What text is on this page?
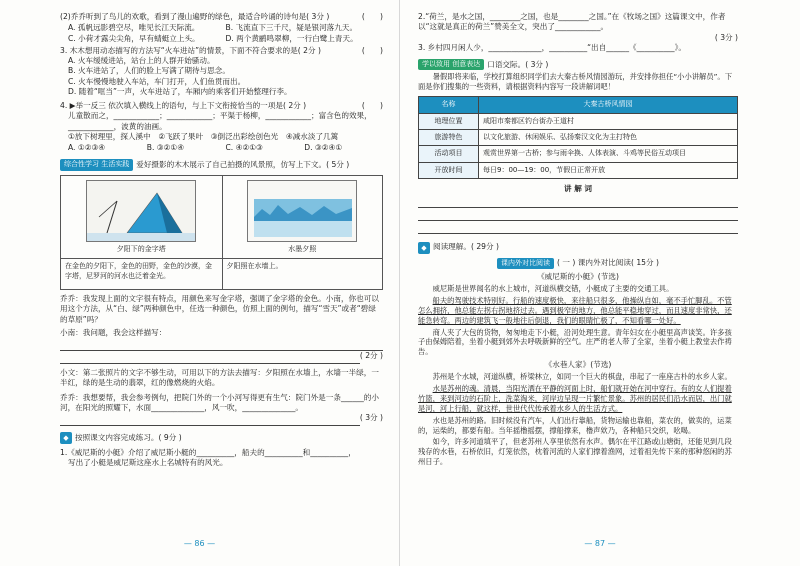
(2)乔乔听到了鸟儿的欢歌，看到了漫山遍野的绿色，最适合吟诵的诗句是( 3分 )	(　　)
A. 孤帆远影碧空尽，唯见长江天际流。	B. 飞流直下三千尺，疑是银河落九天。
C. 小荷才露尖尖角，早有蜻蜓立上头。	D. 两个黄鹂鸣翠柳，一行白鹭上青天。
3. 木木想用动态描写的方法写“火车进站”的情景，下面不符合要求的是( 2分 )	(　　)
A. 火车缓缓进站，站台上的人群开始骚动。
B. 火车进站了，人们的脸上写满了期待与思念。
C. 火车慢慢地驶入车站，车门打开，人们鱼贯而出。
D. 随着“哐当”一声，火车进站了，车厢内的乘客们开始整理行李。
4. ▶举一反三 依次填入横线上的语句，与上下文衔接恰当的一项是( 2分 )	(　　)
儿童散而之，____________；____________；平渠于杨柳，____________；富含色的效果，____________，波黄的油画。
①放下树理里，探人溪中　②飞跃了果叶　③倒泛出彩绘创色光　④减水淡了几篱
A. ①②③④	B. ③②①④	C. ④②①③	D. ③②④①
综合性学习 生活实践 爱好摄影的木木展示了自己拍摄的风景照，仿写上下文。( 5分 )
夕阳下的金字塔	水墨夕照
在金色的夕阳下，金色的田野，金色的沙漠，金字塔，尼罗河的河水也泛着金光。
夕阳照在水墙上。
乔乔：我发现上面的文字很有特点，用颜色来写金字塔，强调了金字塔的金色。小南，你也可以用这个方法，从“白、绿”两种颜色中，任选一种颜色，仿照上面的例句，描写“雪天”或者“碧绿的草原”吗？
小南：我问题，我会这样描写：
( 2分 )
小文：第二张照片的文字不够生动，可用以下的方法去描写：夕阳照在水墙上，水墙一半绿，一半红，绿的是生动的翡翠，红的像燃烧的火焰。
乔乔：我想要帮，我会参考例句，把院门外的一个小河写得更有生气：院门外是一条______的小河，在阳光的照耀下，水面______________，风一吹，______________。
( 3分 )
◆ 按照课文内容完成练习。( 9分 )
1.《威尼斯的小艇》介绍了威尼斯小艇的__________，船夫的__________和__________，
写出了小艇是威尼斯这座水上名城特有的风光。
— 86 —
2.“荷兰，是水之国，________之国，也是________之国。”在《牧场之国》这篇课文中，作者以“这就是真正的荷兰”赞美全文，突出了____________。
( 3分 )
3. 乡村四月闲人少，______________，__________“出自______《__________》。
学以致用 创意表达 口语交际。( 3分 )
暑假即将来临，学校打算组织同学们去大秦古桥风情园游玩，并安排你担任“小小讲解员”。下面是你们搜集的一些资料，请根据资料内容写一段讲解词吧！
名称	大秦古桥风情园
地理位置	咸阳市秦都区钓台街办王道村
旅游特色	以文化旅游、休闲娱乐、弘扬秦汉文化为主打特色
活动项目	观赏世界第一古桥；参与雨伞换、人体表演、斗鸡等民俗互动项目
开放时间	每日9：00—19：00，节假日正常开放
讲 解 词
◆ 阅读理解。( 29分 )
课内外对比阅读 ( 一 ) 课内外对比阅读( 15分 )
《威尼斯的小艇》(节选)
威尼斯是世界闻名的水上城市，河道纵横交错，小艇成了主要的交通工具。
船夫的驾驶技术特别好。行船的速度极快，来往船只很多，他操纵自如，毫不手忙脚乱。不管怎么拥挤，他总能左拐右拐地挤过去。遇到极窄的地方，他总能平稳地穿过，而且速度非常快，还能急转弯。两边的建筑飞一般地往后倒退，我们的眼睛忙极了，不知看哪一处好。
商人夹了大包的货物，匆匆地走下小艇，沿河处理生意。青年妇女在小艇里高声谈笑。许多孩子由保姆陪着，坐着小艇到郊外去呼吸新鲜的空气。庄严的老人带了全家，坐着小艇上教堂去作祷告。
《水巷人家》(节选)
苏州是个水城，河道纵横，桥梁林立，如同一个巨大的棋盘，串起了一座座古朴的水乡人家。
水是苏州的魂。清晨，当阳光洒在平静的河面上时，船们就开始在河中穿行。有的女人们提着竹篮，来到河边的石阶上，洗菜淘米，河岸边呈现一片繁忙景象。苏州的居民们沿水而居，出门就是河，河上行船，就这样，世世代代传承着水乡人的生活方式。
水也是苏州的路。旧时候没有汽车，人们出行靠船，货物运输也靠船，菜农的，做卖的，运菜的，运柴的，都要有船。当年摇橹摇摆，撑船撑来，橹声欸乃，各种船只交织，吆喝。
如今，许多河道填平了，但老苏州人享里依然有水声。偶尔在平江路或山塘街，还能见到几段残存的水巷，石桥依旧，灯笼依然，枕着河流的人家们撑着渔网，过着祖先传下来的那种悠闲的苏州日子。
— 87 —
